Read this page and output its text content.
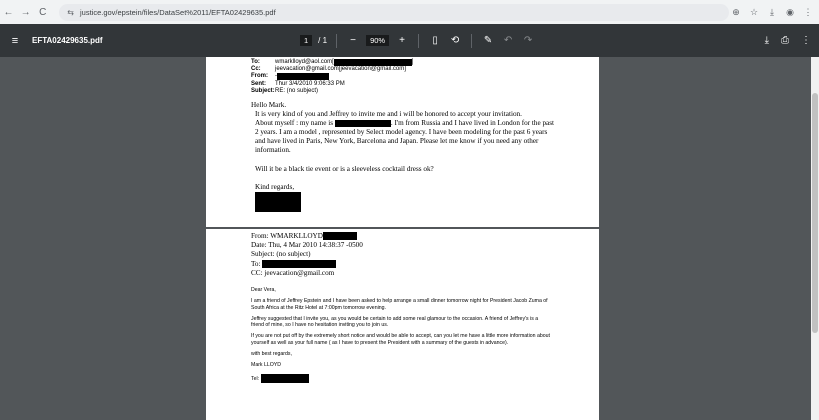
← → C	⇆ justice.gov/epstein/files/DataSet%2011/EFTA02429635.pdf	⊕	☆	⤓	◉	⋮
≡	EFTA02429635.pdf	1	/ 1	−	90%	+	▯	⟲ ✎ ↶ ↷	⤓ ⎙ ⋮
To:	wmarklloyd@aol.com[	]
Cc:	jeevacation@gmail.com[jeevacation@gmail.com]
From:	-
Sent:	Thur 3/4/2010 9:06:33 PM
Subject: RE: (no subject)
Hello Mark.
It is very kind of you and Jeffrey to invite me and i will be honored to accept your invitation.
About myself : my name is	. I'm from Russia and I have lived in London for the past 2 years. I am a model , represented by Select model agency. I have been modeling for the past 6 years and have lived in Paris, New York, Barcelona and Japan. Please let me know if you need any other information.
Will it be a black tie event or is a sleeveless cocktail dress ok?
Kind regards,
From: WMARKLLOYD
Date: Thu, 4 Mar 2010 14:38:37 -0500
Subject: (no subject)
To:
CC: jeevacation@gmail.com

Dear Vera,

I am a friend of Jeffrey Epstein and I have been asked to help arrange a small dinner tomorrow night for President Jacob Zuma of South Africa at the Ritz Hotel at 7:00pm tomorrow evening.

Jeffrey suggested that I invite you, as you would be certain to add some real glamour to the occasion. A friend of Jeffrey's is a friend of mine, so I have no hesitation inviting you to join us.

If you are not put off by the extremely short notice and would be able to accept, can you let me have a little more information about yourself as well as your full name ( as I have to present the President with a summary of the guests in advance).

with best regards,

Mark LLOYD

Tel:
